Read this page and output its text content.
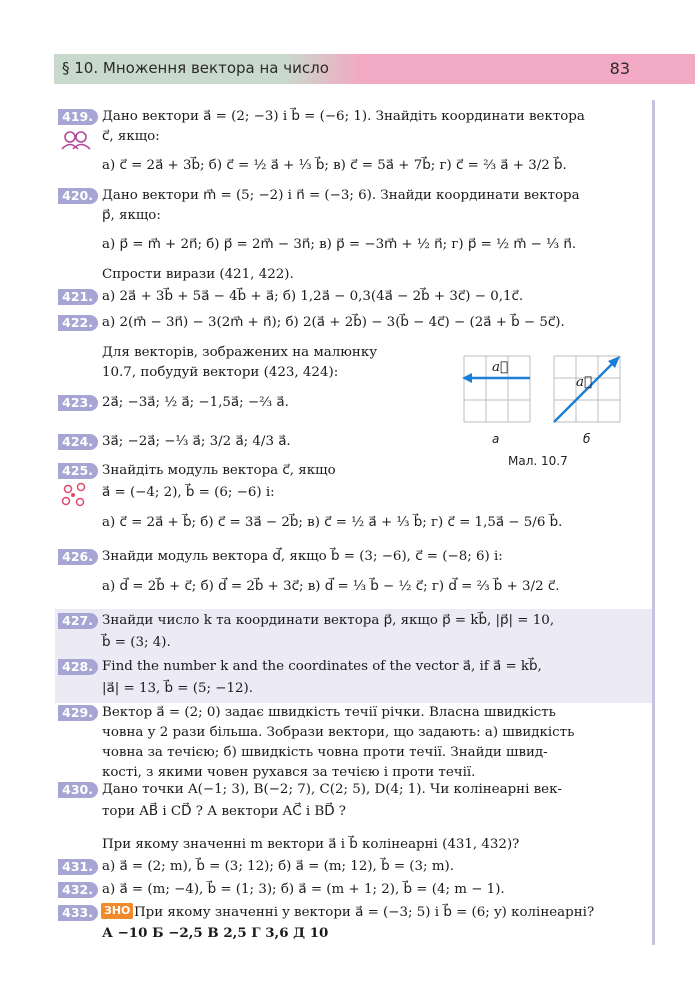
§ 10. Множення вектора на число	83
419.
420.
421.
422.
423.
424.
425.
426.
427.
428.
429.
430.
431.
432.
433.
Дано вектори a⃗ = (2; −3) і b⃗ = (−6; 1). Знайдіть координати вектора
c⃗, якщо:
а) c⃗ = 2a⃗ + 3b⃗; б) c⃗ = ½ a⃗ + ⅓ b⃗; в) c⃗ = 5a⃗ + 7b⃗; г) c⃗ = ⅔ a⃗ + 3/2 b⃗.
Дано вектори m⃗ = (5; −2) і n⃗ = (−3; 6). Знайди координати вектора
p⃗, якщо:
а) p⃗ = m⃗ + 2n⃗; б) p⃗ = 2m⃗ − 3n⃗; в) p⃗ = −3m⃗ + ½ n⃗; г) p⃗ = ½ m⃗ − ⅓ n⃗.
Спрости вирази (421, 422).
а) 2a⃗ + 3b⃗ + 5a⃗ − 4b⃗ + a⃗; б) 1,2a⃗ − 0,3(4a⃗ − 2b⃗ + 3c⃗) − 0,1c⃗.
а) 2(m⃗ − 3n⃗) − 3(2m⃗ + n⃗); б) 2(a⃗ + 2b⃗) − 3(b⃗ − 4c⃗) − (2a⃗ + b⃗ − 5c⃗).
Для векторів, зображених на малюнку
10.7, побудуй вектори (423, 424):
2a⃗; −3a⃗; ½ a⃗; −1,5a⃗; −⅔ a⃗.
3a⃗; −2a⃗; −⅓ a⃗; 3/2 a⃗; 4/3 a⃗.
a⃗
a⃗
а	б
Мал. 10.7
Знайдіть модуль вектора c⃗, якщо
a⃗ = (−4; 2), b⃗ = (6; −6) і:
а) c⃗ = 2a⃗ + b⃗; б) c⃗ = 3a⃗ − 2b⃗; в) c⃗ = ½ a⃗ + ⅓ b⃗; г) c⃗ = 1,5a⃗ − 5/6 b⃗.
Знайди модуль вектора d⃗, якщо b⃗ = (3; −6), c⃗ = (−8; 6) і:
а) d⃗ = 2b⃗ + c⃗; б) d⃗ = 2b⃗ + 3c⃗; в) d⃗ = ⅓ b⃗ − ½ c⃗; г) d⃗ = ⅔ b⃗ + 3/2 c⃗.
Знайди число k та координати вектора p⃗, якщо p⃗ = kb⃗, |p⃗| = 10,
b⃗ = (3; 4).
Find the number k and the coordinates of the vector a⃗, if a⃗ = kb⃗,
|a⃗| = 13, b⃗ = (5; −12).
Вектор a⃗ = (2; 0) задає швидкість течії річки. Власна швидкість
човна у 2 рази більша. Зобрази вектори, що задають: а) швидкість
човна за течією; б) швидкість човна проти течії. Знайди швид-
кості, з якими човен рухався за течією і проти течії.
Дано точки A(−1; 3), B(−2; 7), C(2; 5), D(4; 1). Чи колінеарні век-
тори AB⃗ і CD⃗ ? А вектори AC⃗ і BD⃗ ?
При якому значенні m вектори a⃗ і b⃗ колінеарні (431, 432)?
а) a⃗ = (2; m), b⃗ = (3; 12); б) a⃗ = (m; 12), b⃗ = (3; m).
а) a⃗ = (m; −4), b⃗ = (1; 3); б) a⃗ = (m + 1; 2), b⃗ = (4; m − 1).
ЗНО При якому значенні y вектори a⃗ = (−3; 5) і b⃗ = (6; y) колінеарні?
А −10 Б −2,5 В 2,5 Г 3,6 Д 10
